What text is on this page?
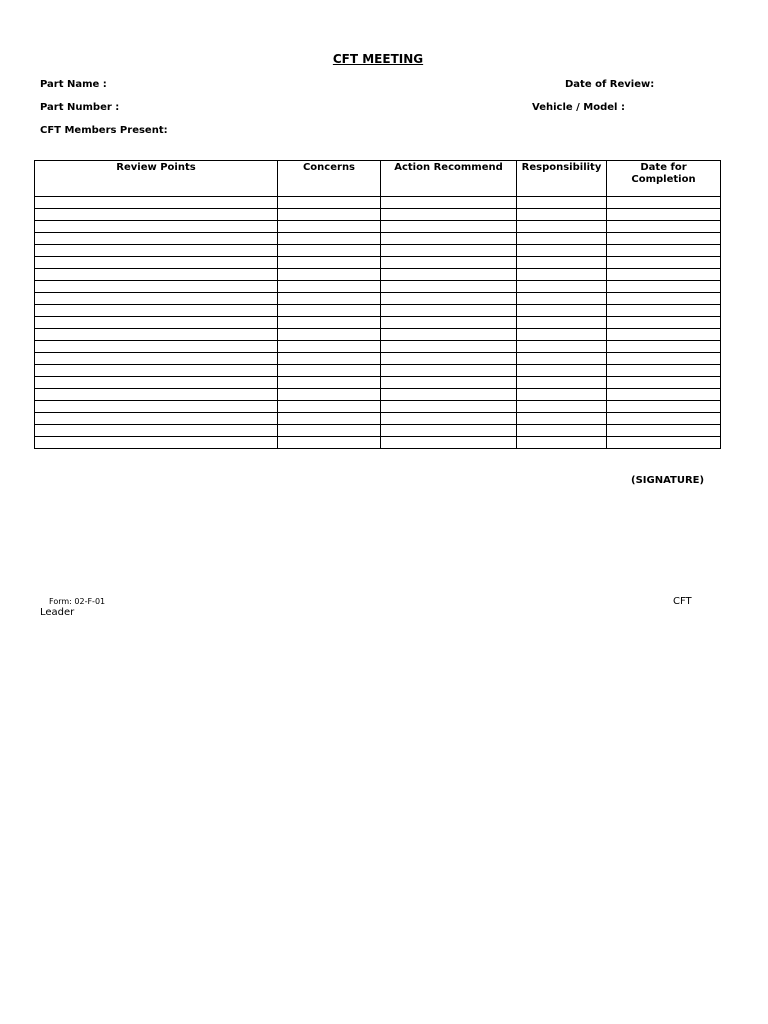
CFT MEETING
Part Name :	Date of Review:
Part Number :	Vehicle / Model :
CFT Members Present:
Review Points	Concerns	Action Recommend	Responsibility	Date for Completion

(SIGNATURE)
Form: 02-F-01	CFT
Leader
